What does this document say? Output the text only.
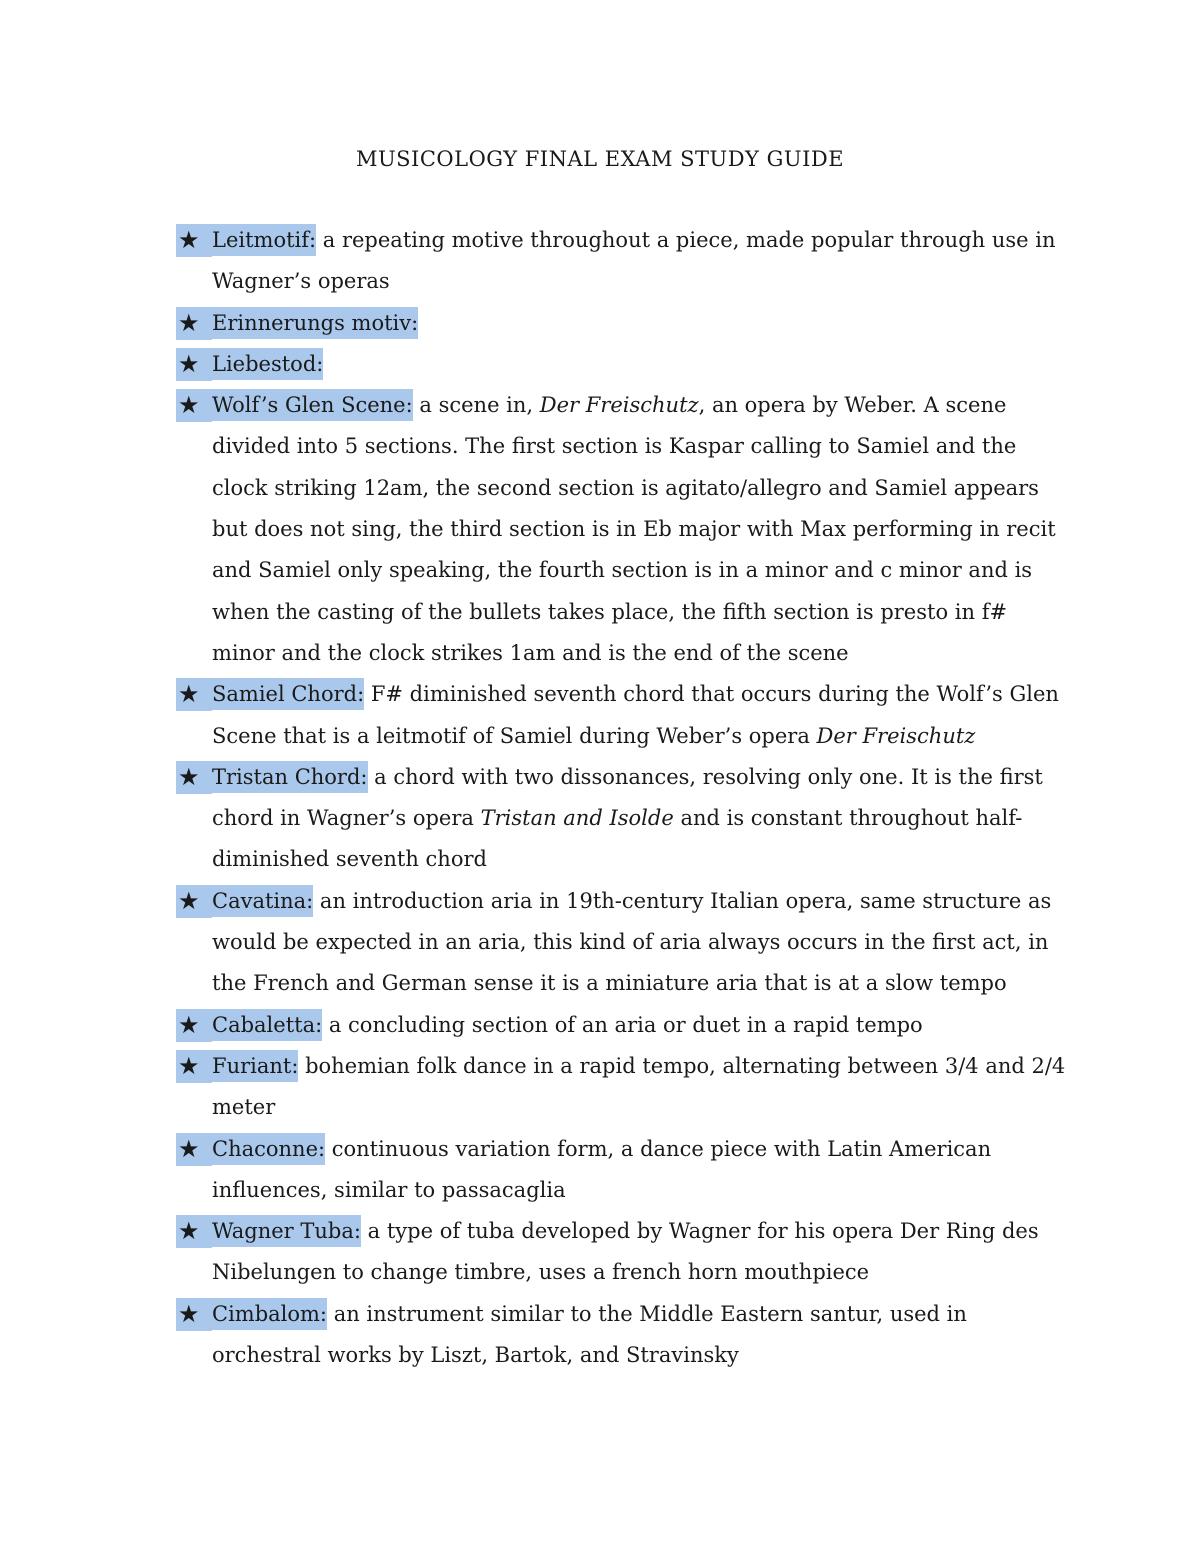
MUSICOLOGY FINAL EXAM STUDY GUIDE
★ Leitmotif: a repeating motive throughout a piece, made popular through use in Wagner’s operas
★ Erinnerungs motiv:
★ Liebestod:
★ Wolf’s Glen Scene: a scene in, Der Freischutz, an opera by Weber. A scene divided into 5 sections. The first section is Kaspar calling to Samiel and the clock striking 12am, the second section is agitato/allegro and Samiel appears but does not sing, the third section is in Eb major with Max performing in recit and Samiel only speaking, the fourth section is in a minor and c minor and is when the casting of the bullets takes place, the fifth section is presto in f# minor and the clock strikes 1am and is the end of the scene
★ Samiel Chord: F# diminished seventh chord that occurs during the Wolf’s Glen Scene that is a leitmotif of Samiel during Weber’s opera Der Freischutz
★ Tristan Chord: a chord with two dissonances, resolving only one. It is the first chord in Wagner’s opera Tristan and Isolde and is constant throughout half-diminished seventh chord
★ Cavatina: an introduction aria in 19th-century Italian opera, same structure as would be expected in an aria, this kind of aria always occurs in the first act, in the French and German sense it is a miniature aria that is at a slow tempo
★ Cabaletta: a concluding section of an aria or duet in a rapid tempo
★ Furiant: bohemian folk dance in a rapid tempo, alternating between 3/4 and 2/4 meter
★ Chaconne: continuous variation form, a dance piece with Latin American influences, similar to passacaglia
★ Wagner Tuba: a type of tuba developed by Wagner for his opera Der Ring des Nibelungen to change timbre, uses a french horn mouthpiece
★ Cimbalom: an instrument similar to the Middle Eastern santur, used in orchestral works by Liszt, Bartok, and Stravinsky
